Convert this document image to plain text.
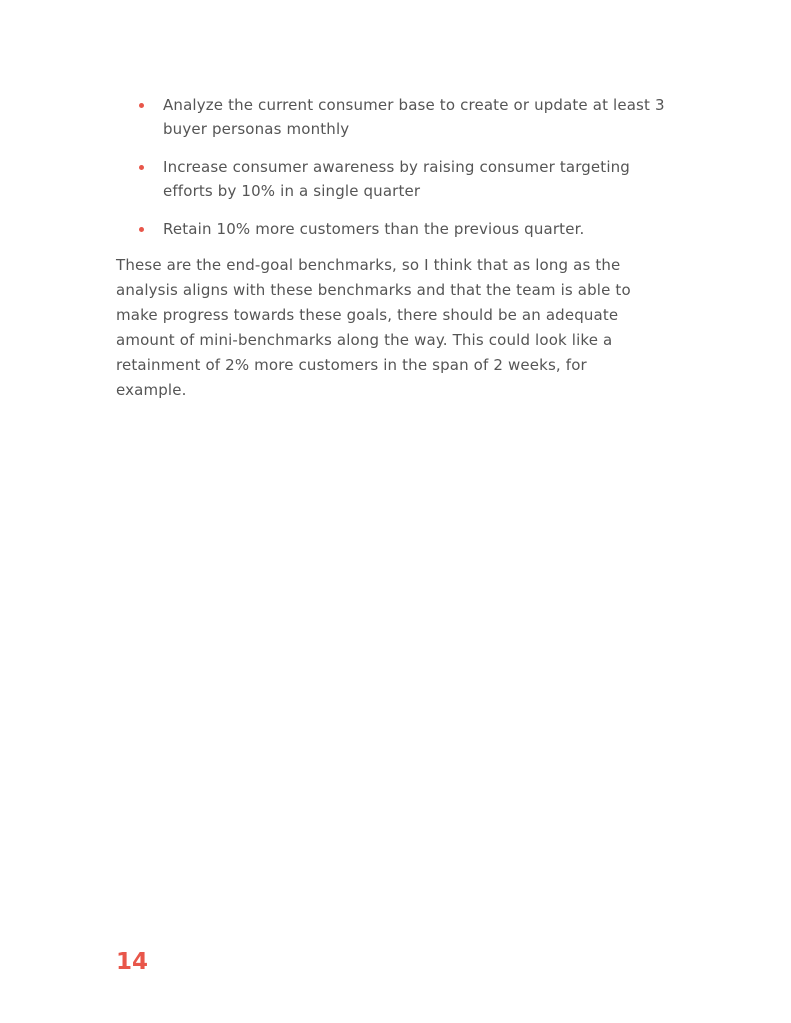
Analyze the current consumer base to create or update at least 3
buyer personas monthly
Increase consumer awareness by raising consumer targeting
efforts by 10% in a single quarter
Retain 10% more customers than the previous quarter.

These are the end-goal benchmarks, so I think that as long as the
analysis aligns with these benchmarks and that the team is able to
make progress towards these goals, there should be an adequate
amount of mini-benchmarks along the way. This could look like a
retainment of 2% more customers in the span of 2 weeks, for
example.

14
